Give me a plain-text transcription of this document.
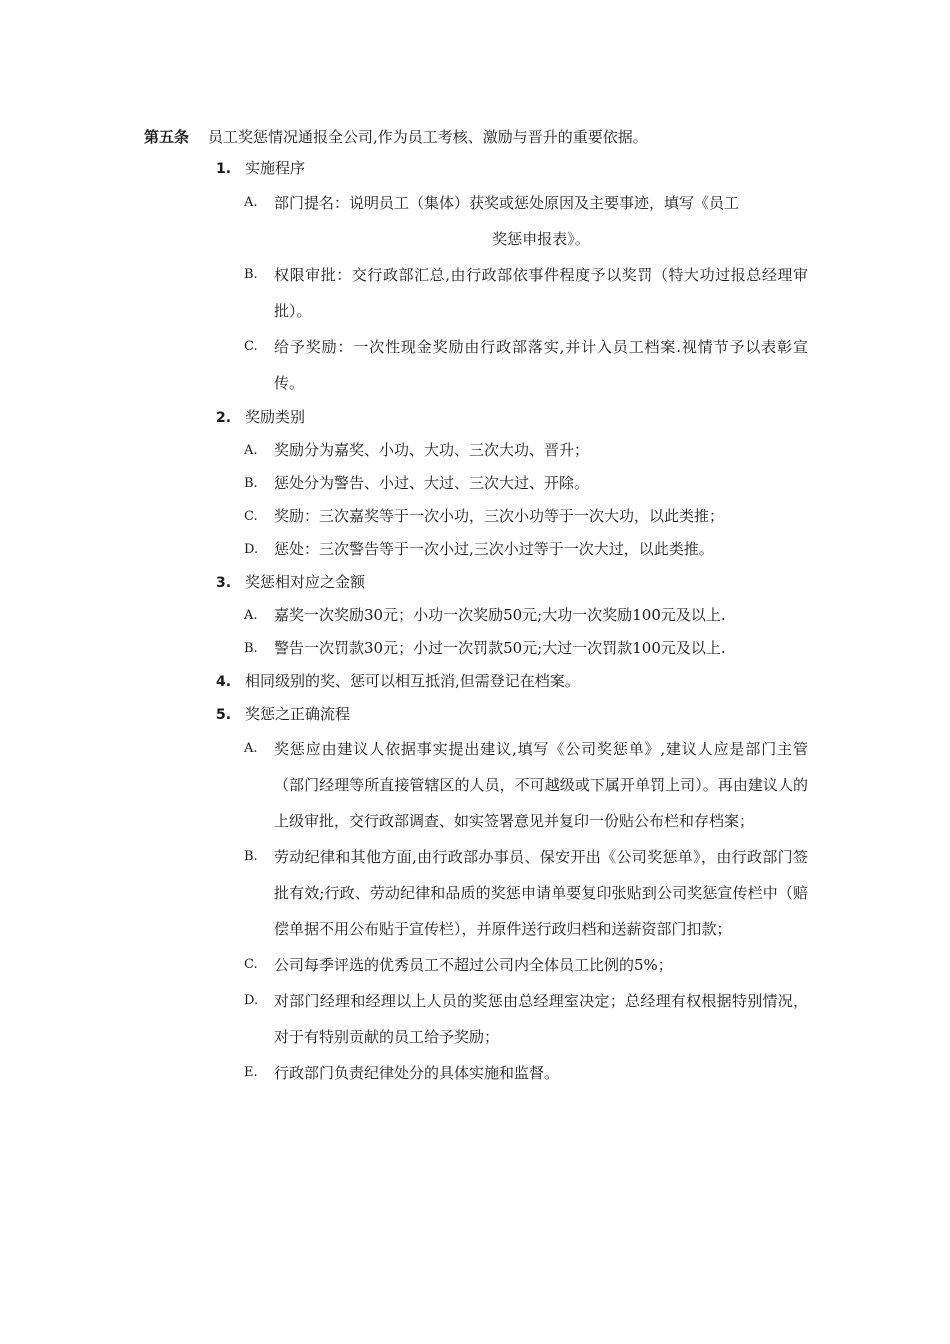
第五条	员工奖惩情况通报全公司,作为员工考核、激励与晋升的重要依据。
1. 实施程序
A.	部门提名：说明员工（集体）获奖或惩处原因及主要事迹，填写《员工
奖惩申报表》。
B.	权限审批：交行政部汇总,由行政部依事件程度予以奖罚（特大功过报总经理审批）。
C.	给予奖励：一次性现金奖励由行政部落实,并计入员工档案.视情节予以表彰宣传。
2. 奖励类别
A.	奖励分为嘉奖、小功、大功、三次大功、晋升；
B.	惩处分为警告、小过、大过、三次大过、开除。
C.	奖励：三次嘉奖等于一次小功，三次小功等于一次大功，以此类推；
D.	惩处：三次警告等于一次小过,三次小过等于一次大过，以此类推。
3. 奖惩相对应之金额
A.	嘉奖一次奖励30元；小功一次奖励50元;大功一次奖励100元及以上.
B.	警告一次罚款30元；小过一次罚款50元;大过一次罚款100元及以上.
4. 相同级别的奖、惩可以相互抵消,但需登记在档案。
5. 奖惩之正确流程
A.	奖惩应由建议人依据事实提出建议,填写《公司奖惩单》,建议人应是部门主管（部门经理等所直接管辖区的人员，不可越级或下属开单罚上司）。再由建议人的上级审批，交行政部调查、如实签署意见并复印一份贴公布栏和存档案；
B.	劳动纪律和其他方面,由行政部办事员、保安开出《公司奖惩单》，由行政部门签批有效;行政、劳动纪律和品质的奖惩申请单要复印张贴到公司奖惩宣传栏中（赔偿单据不用公布贴于宣传栏），并原件送行政归档和送薪资部门扣款；
C.	公司每季评选的优秀员工不超过公司内全体员工比例的5%；
D.	对部门经理和经理以上人员的奖惩由总经理室决定；总经理有权根据特别情况，对于有特别贡献的员工给予奖励；
E.	行政部门负责纪律处分的具体实施和监督。
